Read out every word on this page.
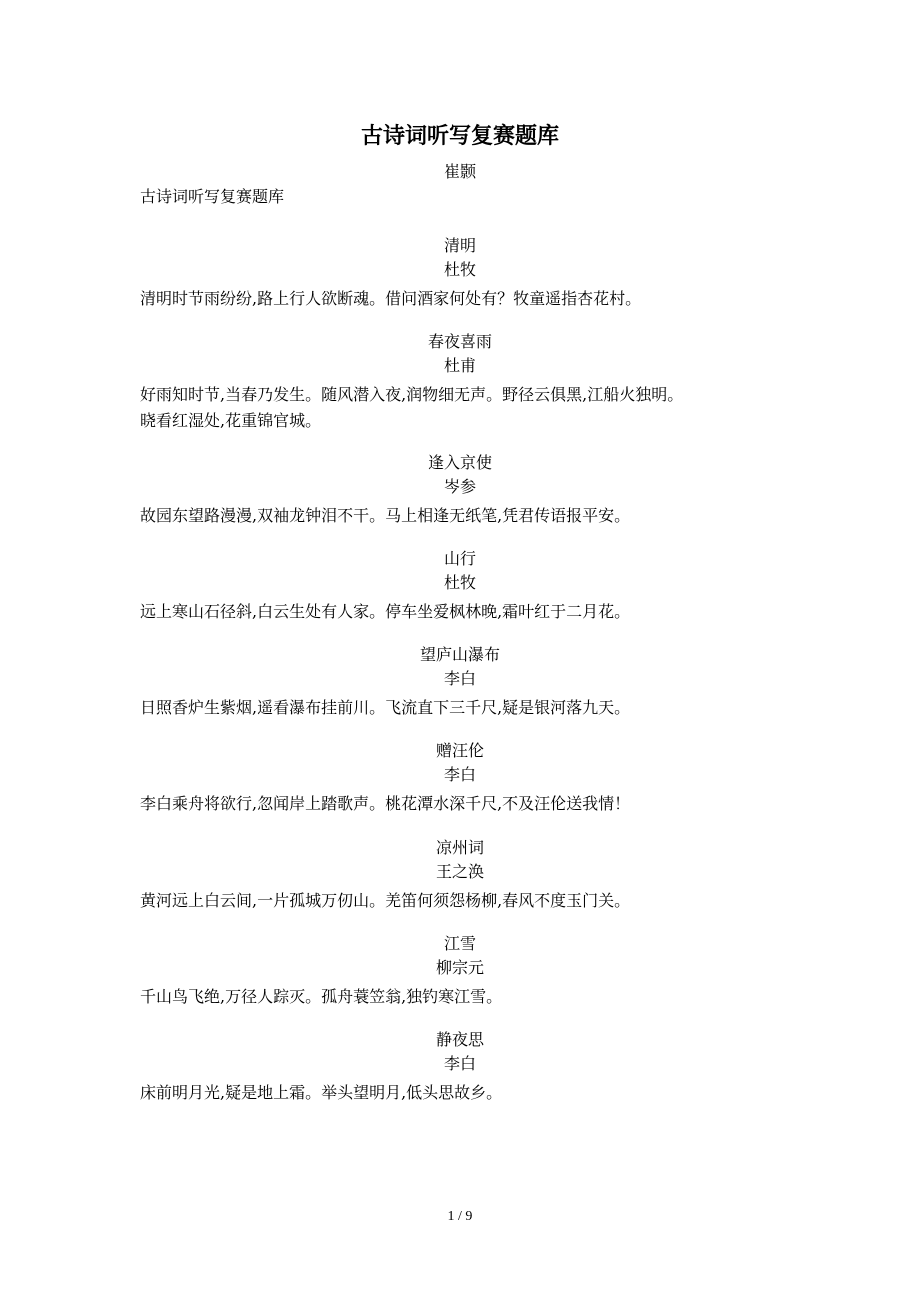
古诗词听写复赛题库
崔颢
古诗词听写复赛题库
清明
杜牧
清明时节雨纷纷,路上行人欲断魂。借问酒家何处有？牧童遥指杏花村。
春夜喜雨
杜甫
好雨知时节,当春乃发生。随风潜入夜,润物细无声。野径云俱黑,江船火独明。
晓看红湿处,花重锦官城。
逢入京使
岑参
故园东望路漫漫,双袖龙钟泪不干。马上相逢无纸笔,凭君传语报平安。
山行
杜牧
远上寒山石径斜,白云生处有人家。停车坐爱枫林晚,霜叶红于二月花。
望庐山瀑布
李白
日照香炉生紫烟,遥看瀑布挂前川。飞流直下三千尺,疑是银河落九天。
赠汪伦
李白
李白乘舟将欲行,忽闻岸上踏歌声。桃花潭水深千尺,不及汪伦送我情！
凉州词
王之涣
黄河远上白云间,一片孤城万仞山。羌笛何须怨杨柳,春风不度玉门关。
江雪
柳宗元
千山鸟飞绝,万径人踪灭。孤舟蓑笠翁,独钓寒江雪。
静夜思
李白
床前明月光,疑是地上霜。举头望明月,低头思故乡。
1 / 9
